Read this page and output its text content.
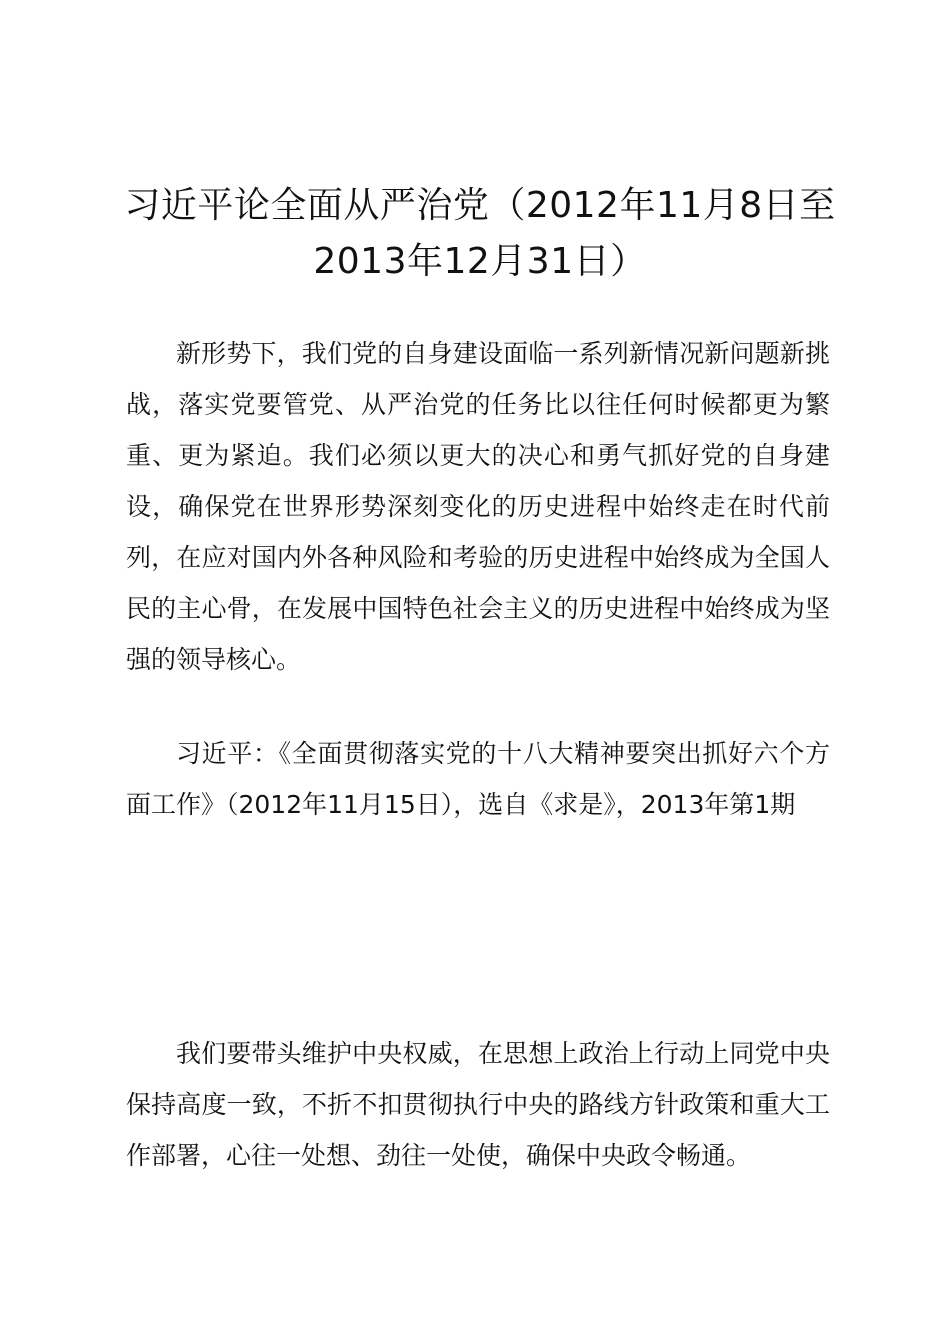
习近平论全面从严治党（2012年11月8日至2013年12月31日）

新形势下，我们党的自身建设面临一系列新情况新问题新挑战，落实党要管党、从严治党的任务比以往任何时候都更为繁重、更为紧迫。我们必须以更大的决心和勇气抓好党的自身建设，确保党在世界形势深刻变化的历史进程中始终走在时代前列，在应对国内外各种风险和考验的历史进程中始终成为全国人民的主心骨，在发展中国特色社会主义的历史进程中始终成为坚强的领导核心。

习近平：《全面贯彻落实党的十八大精神要突出抓好六个方面工作》（2012年11月15日），选自《求是》，2013年第1期

我们要带头维护中央权威，在思想上政治上行动上同党中央保持高度一致，不折不扣贯彻执行中央的路线方针政策和重大工作部署，心往一处想、劲往一处使，确保中央政令畅通。
